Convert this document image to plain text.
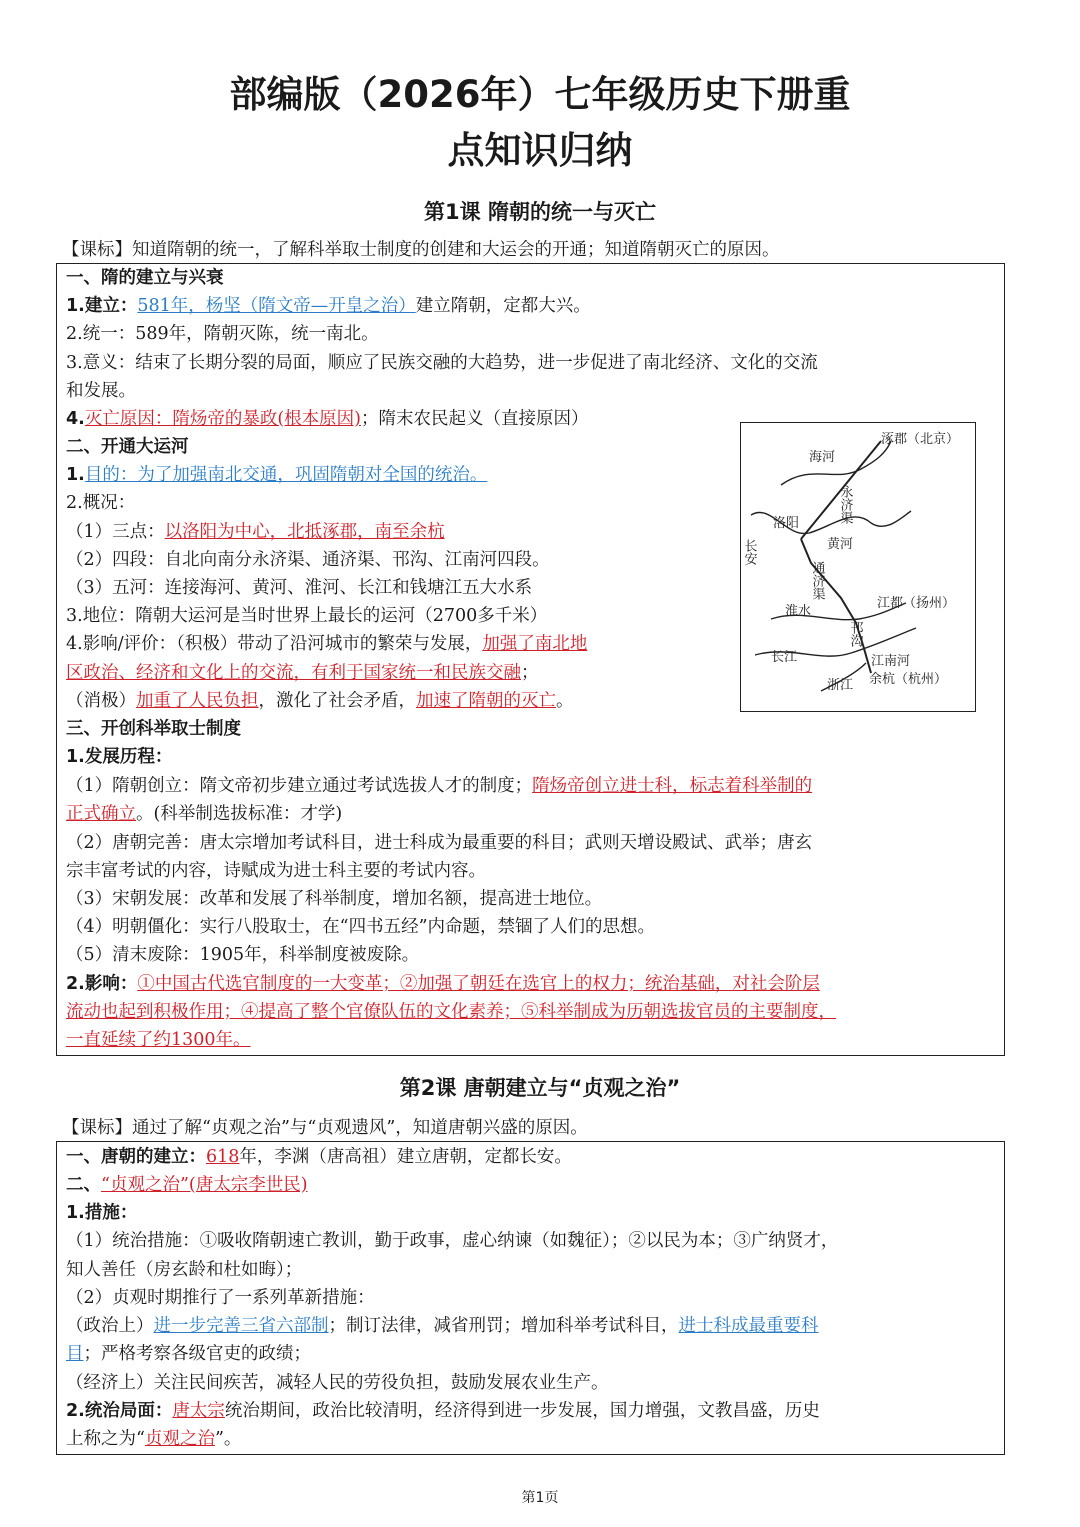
部编版（2026年）七年级历史下册重
点知识归纳
第1课 隋朝的统一与灭亡
【课标】知道隋朝的统一，了解科举取士制度的创建和大运会的开通；知道隋朝灭亡的原因。
一、隋的建立与兴衰
1.建立：581年，杨坚（隋文帝—开皇之治）建立隋朝，定都大兴。
2.统一：589年，隋朝灭陈，统一南北。
3.意义：结束了长期分裂的局面，顺应了民族交融的大趋势，进一步促进了南北经济、文化的交流
和发展。
4.灭亡原因：隋炀帝的暴政(根本原因)；隋末农民起义（直接原因）
二、开通大运河
1.目的：为了加强南北交通，巩固隋朝对全国的统治。
2.概况：
（1）三点：以洛阳为中心，北抵涿郡，南至余杭
（2）四段：自北向南分永济渠、通济渠、邗沟、江南河四段。
（3）五河：连接海河、黄河、淮河、长江和钱塘江五大水系
3.地位：隋朝大运河是当时世界上最长的运河（2700多千米）
4.影响/评价：（积极）带动了沿河城市的繁荣与发展，加强了南北地
区政治、经济和文化上的交流，有利于国家统一和民族交融；
（消极）加重了人民负担，激化了社会矛盾，加速了隋朝的灭亡。
涿郡（北京）
海河
永济渠
洛阳
长安	黄河
通济渠
淮水
江都（扬州）
邗沟
长江	江南河
浙江 余杭（杭州）
三、开创科举取士制度
1.发展历程：
（1）隋朝创立：隋文帝初步建立通过考试选拔人才的制度；隋炀帝创立进士科，标志着科举制的
正式确立。(科举制选拔标准：才学)
（2）唐朝完善：唐太宗增加考试科目，进士科成为最重要的科目；武则天增设殿试、武举；唐玄
宗丰富考试的内容，诗赋成为进士科主要的考试内容。
（3）宋朝发展：改革和发展了科举制度，增加名额，提高进士地位。
（4）明朝僵化：实行八股取士，在“四书五经”内命题，禁锢了人们的思想。
（5）清末废除：1905年，科举制度被废除。
2.影响：①中国古代选官制度的一大变革；②加强了朝廷在选官上的权力；统治基础，对社会阶层
流动也起到积极作用；④提高了整个官僚队伍的文化素养；⑤科举制成为历朝选拔官员的主要制度，
一直延续了约1300年。
第2课 唐朝建立与“贞观之治”
【课标】通过了解“贞观之治”与“贞观遗风”，知道唐朝兴盛的原因。
一、唐朝的建立：618年，李渊（唐高祖）建立唐朝，定都长安。
二、“贞观之治”(唐太宗李世民)
1.措施：
（1）统治措施：①吸收隋朝速亡教训，勤于政事，虚心纳谏（如魏征）；②以民为本；③广纳贤才，
知人善任（房玄龄和杜如晦）；
（2）贞观时期推行了一系列革新措施：
（政治上）进一步完善三省六部制；制订法律，减省刑罚；增加科举考试科目，进士科成最重要科
目；严格考察各级官吏的政绩；
（经济上）关注民间疾苦，减轻人民的劳役负担，鼓励发展农业生产。
2.统治局面：唐太宗统治期间，政治比较清明，经济得到进一步发展，国力增强，文教昌盛，历史
上称之为“贞观之治”。
第1页
